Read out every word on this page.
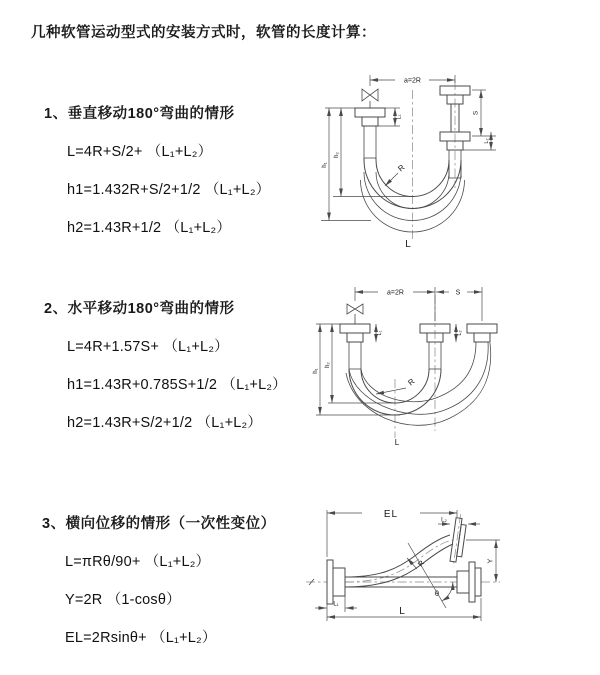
几种软管运动型式的安装方式时，软管的长度计算：
1、垂直移动180°弯曲的情形
L=4R+S/2+ （L₁+L₂）
h1=1.432R+S/2+1/2 （L₁+L₂）
h2=1.43R+1/2 （L₁+L₂）
a=2R
S
L₂
L₁
h₁
h₂
R
L
2、水平移动180°弯曲的情形
L=4R+1.57S+ （L₁+L₂）
h1=1.43R+0.785S+1/2 （L₁+L₂）
h2=1.43R+S/2+1/2 （L₁+L₂）
a=2R	S
L₁	L₂
h₁
h₂
R
L
3、横向位移的情形（一次性变位）
L=πRθ/90+ （L₁+L₂）
Y=2R （1-cosθ）
EL=2Rsinθ+ （L₁+L₂）
θ
EL
L₂
Y
R
L₁
L
